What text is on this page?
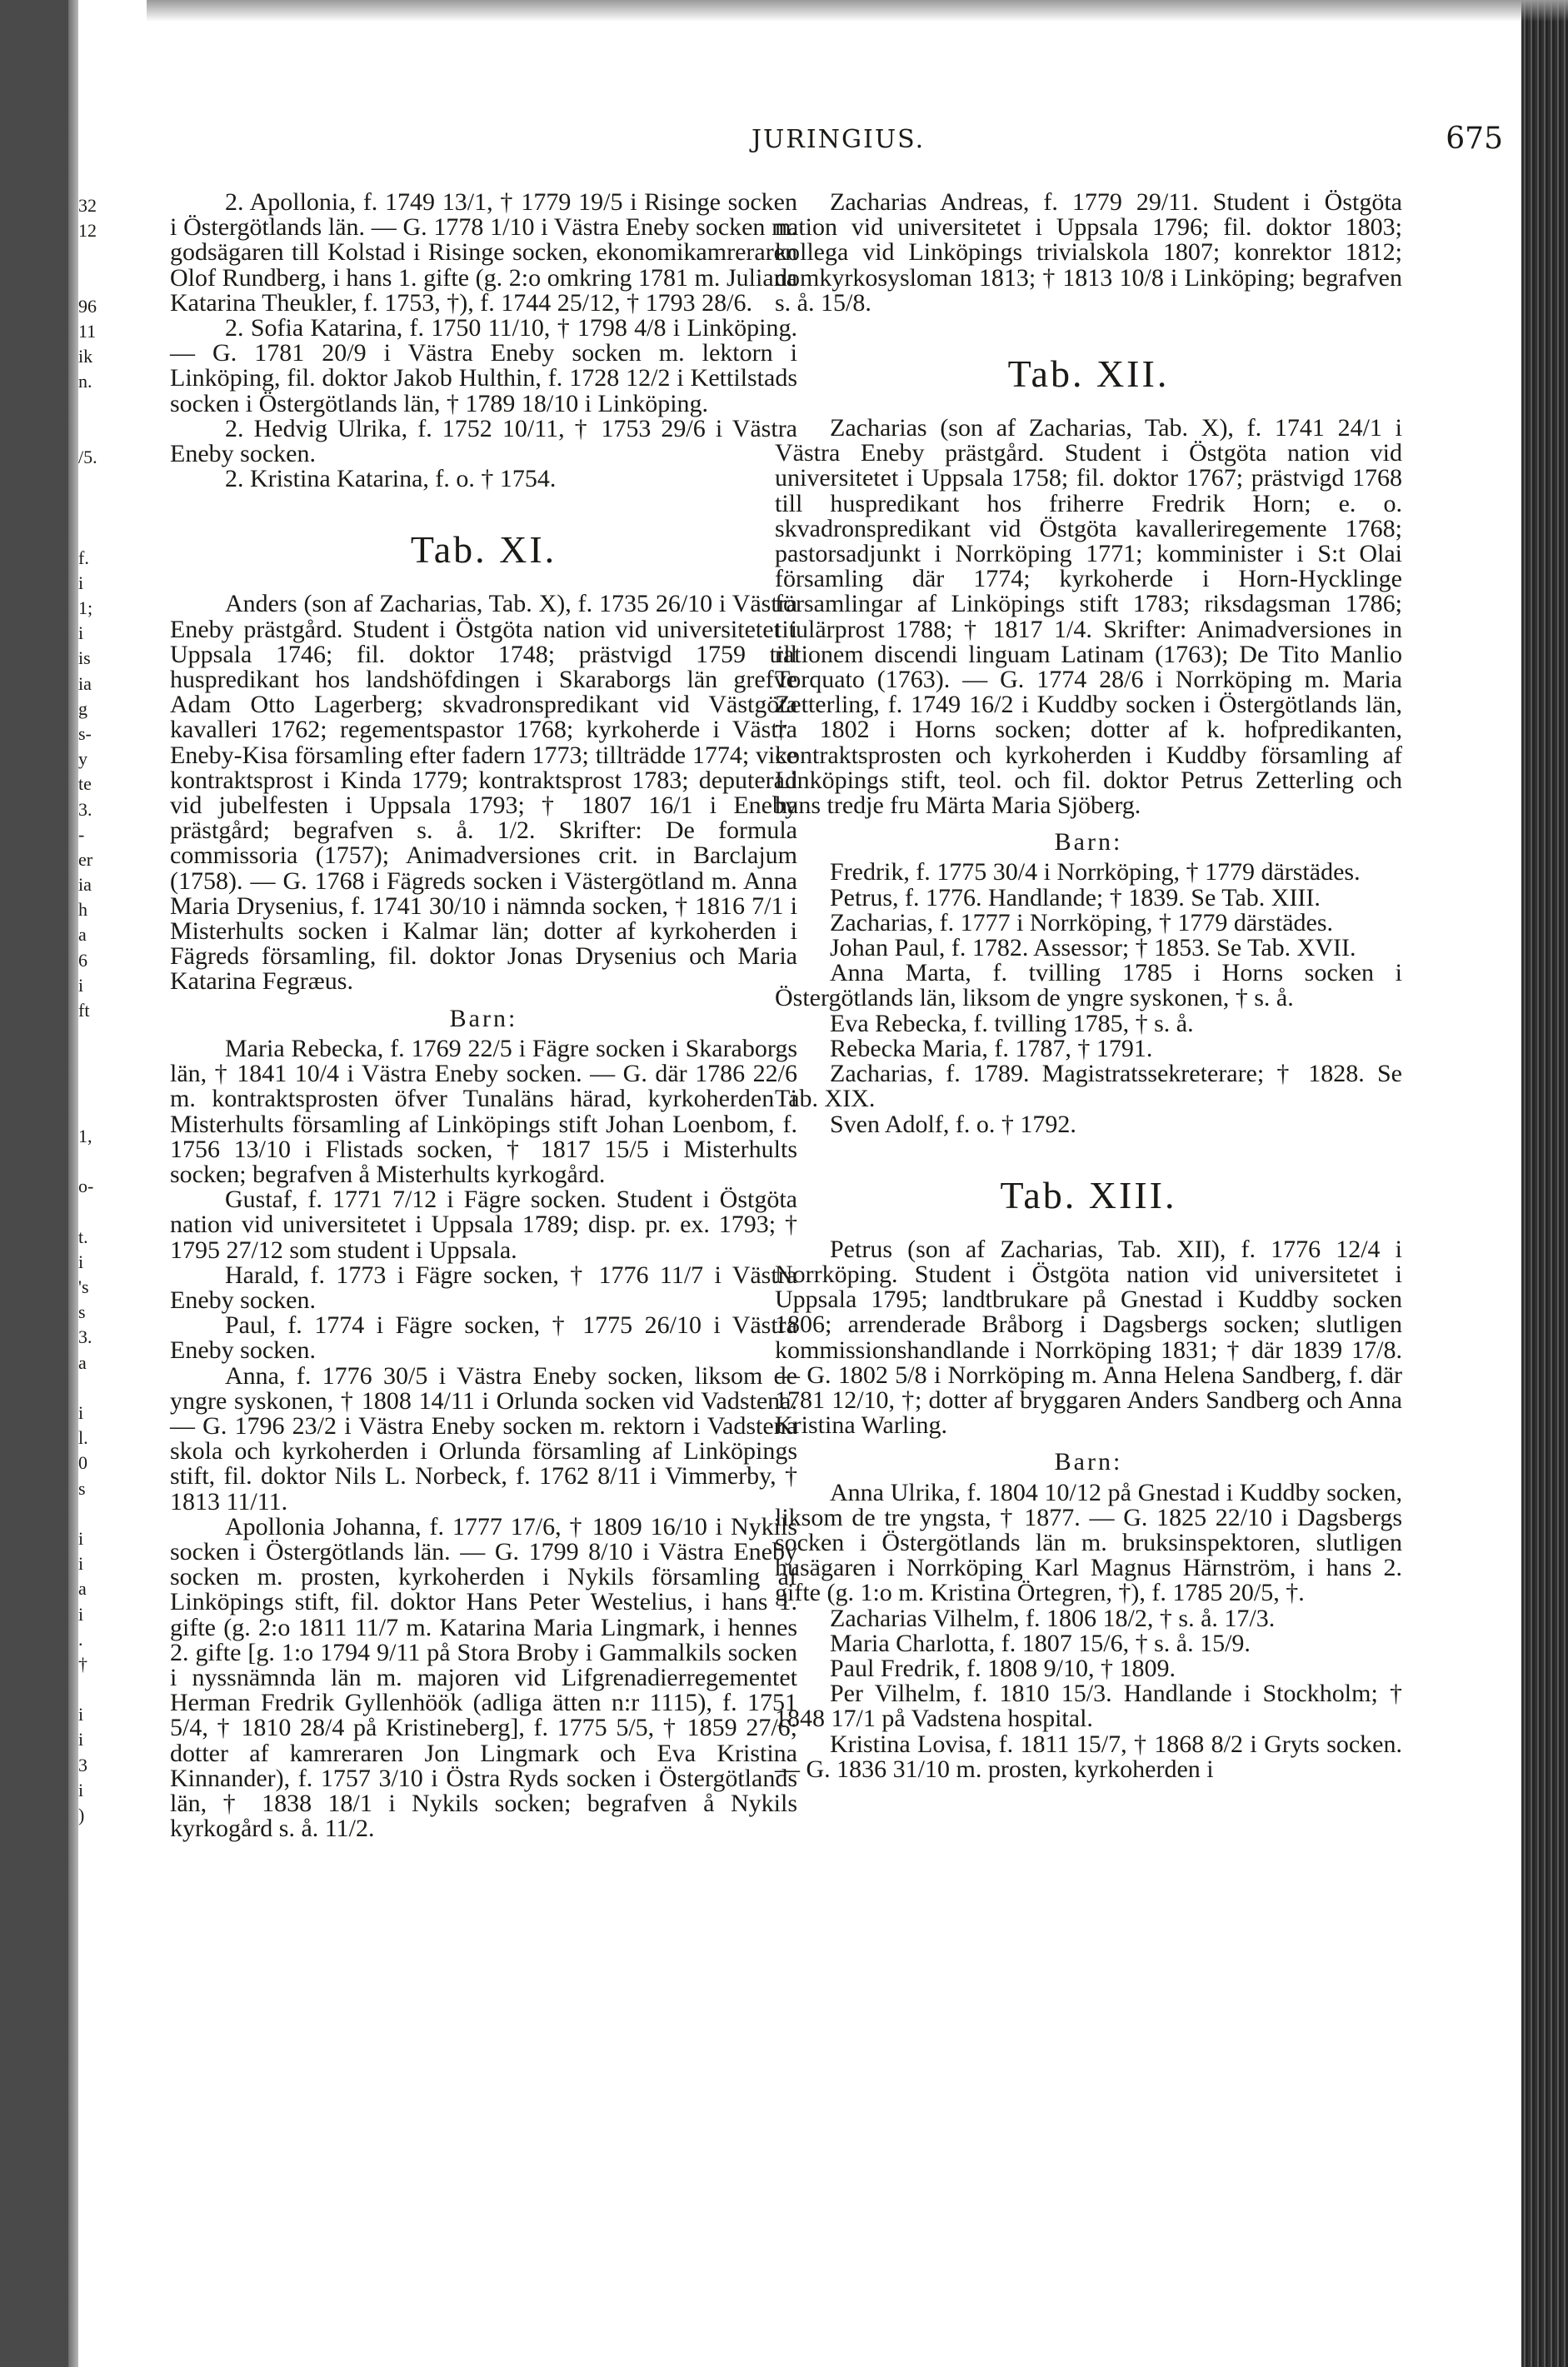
32
12
96
11
ik
n.
/5.
f.
i
1;
i
is
ia
g
s-
y
te
3.
-
er
ia
h
a
6
i
ft
1,
o-
t.
i
's
s
3.
a
i
l.
0
s
i
i
a
i
.
†
i
i
3
i
)
JURINGIUS.	675

2. Apollonia, f. 1749 13/1, † 1779 19/5 i Risinge socken i Östergötlands län. — G. 1778 1/10 i Västra Eneby socken m. godsägaren till Kolstad i Risinge socken, ekonomikamreraren Olof Rundberg, i hans 1. gifte (g. 2:o omkring 1781 m. Juliana Katarina Theukler, f. 1753, †), f. 1744 25/12, † 1793 28/6.

2. Sofia Katarina, f. 1750 11/10, † 1798 4/8 i Linköping. — G. 1781 20/9 i Västra Eneby socken m. lektorn i Linköping, fil. doktor Jakob Hulthin, f. 1728 12/2 i Kettilstads socken i Östergötlands län, † 1789 18/10 i Linköping.

2. Hedvig Ulrika, f. 1752 10/11, † 1753 29/6 i Västra Eneby socken.

2. Kristina Katarina, f. o. † 1754.

Tab. XI.

Anders (son af Zacharias, Tab. X), f. 1735 26/10 i Västra Eneby prästgård. Student i Östgöta nation vid universitetet i Uppsala 1746; fil. doktor 1748; prästvigd 1759 till huspredikant hos landshöfdingen i Skaraborgs län grefve Adam Otto Lagerberg; skvadronspredikant vid Västgöta kavalleri 1762; regementspastor 1768; kyrkoherde i Västra Eneby-Kisa församling efter fadern 1773; tillträdde 1774; vice kontraktsprost i Kinda 1779; kontraktsprost 1783; deputerad vid jubelfesten i Uppsala 1793; † 1807 16/1 i Eneby prästgård; begrafven s. å. 1/2. Skrifter: De formula commissoria (1757); Animadversiones crit. in Barclajum (1758). — G. 1768 i Fägreds socken i Västergötland m. Anna Maria Drysenius, f. 1741 30/10 i nämnda socken, † 1816 7/1 i Misterhults socken i Kalmar län; dotter af kyrkoherden i Fägreds församling, fil. doktor Jonas Drysenius och Maria Katarina Fegræus.

Barn:

Maria Rebecka, f. 1769 22/5 i Fägre socken i Skaraborgs län, † 1841 10/4 i Västra Eneby socken. — G. där 1786 22/6 m. kontraktsprosten öfver Tunaläns härad, kyrkoherden i Misterhults församling af Linköpings stift Johan Loenbom, f. 1756 13/10 i Flistads socken, † 1817 15/5 i Misterhults socken; begrafven å Misterhults kyrkogård.

Gustaf, f. 1771 7/12 i Fägre socken. Student i Östgöta nation vid universitetet i Uppsala 1789; disp. pr. ex. 1793; † 1795 27/12 som student i Uppsala.

Harald, f. 1773 i Fägre socken, † 1776 11/7 i Västra Eneby socken.

Paul, f. 1774 i Fägre socken, † 1775 26/10 i Västra Eneby socken.

Anna, f. 1776 30/5 i Västra Eneby socken, liksom de yngre syskonen, † 1808 14/11 i Orlunda socken vid Vadstena. — G. 1796 23/2 i Västra Eneby socken m. rektorn i Vadstena skola och kyrkoherden i Orlunda församling af Linköpings stift, fil. doktor Nils L. Norbeck, f. 1762 8/11 i Vimmerby, † 1813 11/11.

Apollonia Johanna, f. 1777 17/6, † 1809 16/10 i Nykils socken i Östergötlands län. — G. 1799 8/10 i Västra Eneby socken m. prosten, kyrkoherden i Nykils församling af Linköpings stift, fil. doktor Hans Peter Westelius, i hans 1. gifte (g. 2:o 1811 11/7 m. Katarina Maria Lingmark, i hennes 2. gifte [g. 1:o 1794 9/11 på Stora Broby i Gammalkils socken i nyssnämnda län m. majoren vid Lifgrenadierregementet Herman Fredrik Gyllenhöök (adliga ätten n:r 1115), f. 1751 5/4, † 1810 28/4 på Kristineberg], f. 1775 5/5, † 1859 27/6; dotter af kamreraren Jon Lingmark och Eva Kristina Kinnander), f. 1757 3/10 i Östra Ryds socken i Östergötlands län, † 1838 18/1 i Nykils socken; begrafven å Nykils kyrkogård s. å. 11/2.

Zacharias Andreas, f. 1779 29/11. Student i Östgöta nation vid universitetet i Uppsala 1796; fil. doktor 1803; kollega vid Linköpings trivialskola 1807; konrektor 1812; domkyrkosysloman 1813; † 1813 10/8 i Linköping; begrafven s. å. 15/8.

Tab. XII.

Zacharias (son af Zacharias, Tab. X), f. 1741 24/1 i Västra Eneby prästgård. Student i Östgöta nation vid universitetet i Uppsala 1758; fil. doktor 1767; prästvigd 1768 till huspredikant hos friherre Fredrik Horn; e. o. skvadronspredikant vid Östgöta kavalleriregemente 1768; pastorsadjunkt i Norrköping 1771; komminister i S:t Olai församling där 1774; kyrkoherde i Horn-Hycklinge församlingar af Linköpings stift 1783; riksdagsman 1786; titulärprost 1788; † 1817 1/4. Skrifter: Animadversiones in rationem discendi linguam Latinam (1763); De Tito Manlio Torquato (1763). — G. 1774 28/6 i Norrköping m. Maria Zetterling, f. 1749 16/2 i Kuddby socken i Östergötlands län, † 1802 i Horns socken; dotter af k. hofpredikanten, kontraktsprosten och kyrkoherden i Kuddby församling af Linköpings stift, teol. och fil. doktor Petrus Zetterling och hans tredje fru Märta Maria Sjöberg.

Barn:

Fredrik, f. 1775 30/4 i Norrköping, † 1779 därstädes.

Petrus, f. 1776. Handlande; † 1839. Se Tab. XIII.

Zacharias, f. 1777 i Norrköping, † 1779 därstädes.

Johan Paul, f. 1782. Assessor; † 1853. Se Tab. XVII.

Anna Marta, f. tvilling 1785 i Horns socken i Östergötlands län, liksom de yngre syskonen, † s. å.

Eva Rebecka, f. tvilling 1785, † s. å.

Rebecka Maria, f. 1787, † 1791.

Zacharias, f. 1789. Magistratssekreterare; † 1828. Se Tab. XIX.

Sven Adolf, f. o. † 1792.

Tab. XIII.

Petrus (son af Zacharias, Tab. XII), f. 1776 12/4 i Norrköping. Student i Östgöta nation vid universitetet i Uppsala 1795; landtbrukare på Gnestad i Kuddby socken 1806; arrenderade Bråborg i Dagsbergs socken; slutligen kommissionshandlande i Norrköping 1831; † där 1839 17/8. — G. 1802 5/8 i Norrköping m. Anna Helena Sandberg, f. där 1781 12/10, †; dotter af bryggaren Anders Sandberg och Anna Kristina Warling.

Barn:

Anna Ulrika, f. 1804 10/12 på Gnestad i Kuddby socken, liksom de tre yngsta, † 1877. — G. 1825 22/10 i Dagsbergs socken i Östergötlands län m. bruksinspektoren, slutligen husägaren i Norrköping Karl Magnus Härnström, i hans 2. gifte (g. 1:o m. Kristina Örtegren, †), f. 1785 20/5, †.

Zacharias Vilhelm, f. 1806 18/2, † s. å. 17/3.

Maria Charlotta, f. 1807 15/6, † s. å. 15/9.

Paul Fredrik, f. 1808 9/10, † 1809.

Per Vilhelm, f. 1810 15/3. Handlande i Stockholm; † 1848 17/1 på Vadstena hospital.

Kristina Lovisa, f. 1811 15/7, † 1868 8/2 i Gryts socken. — G. 1836 31/10 m. prosten, kyrkoherden i
